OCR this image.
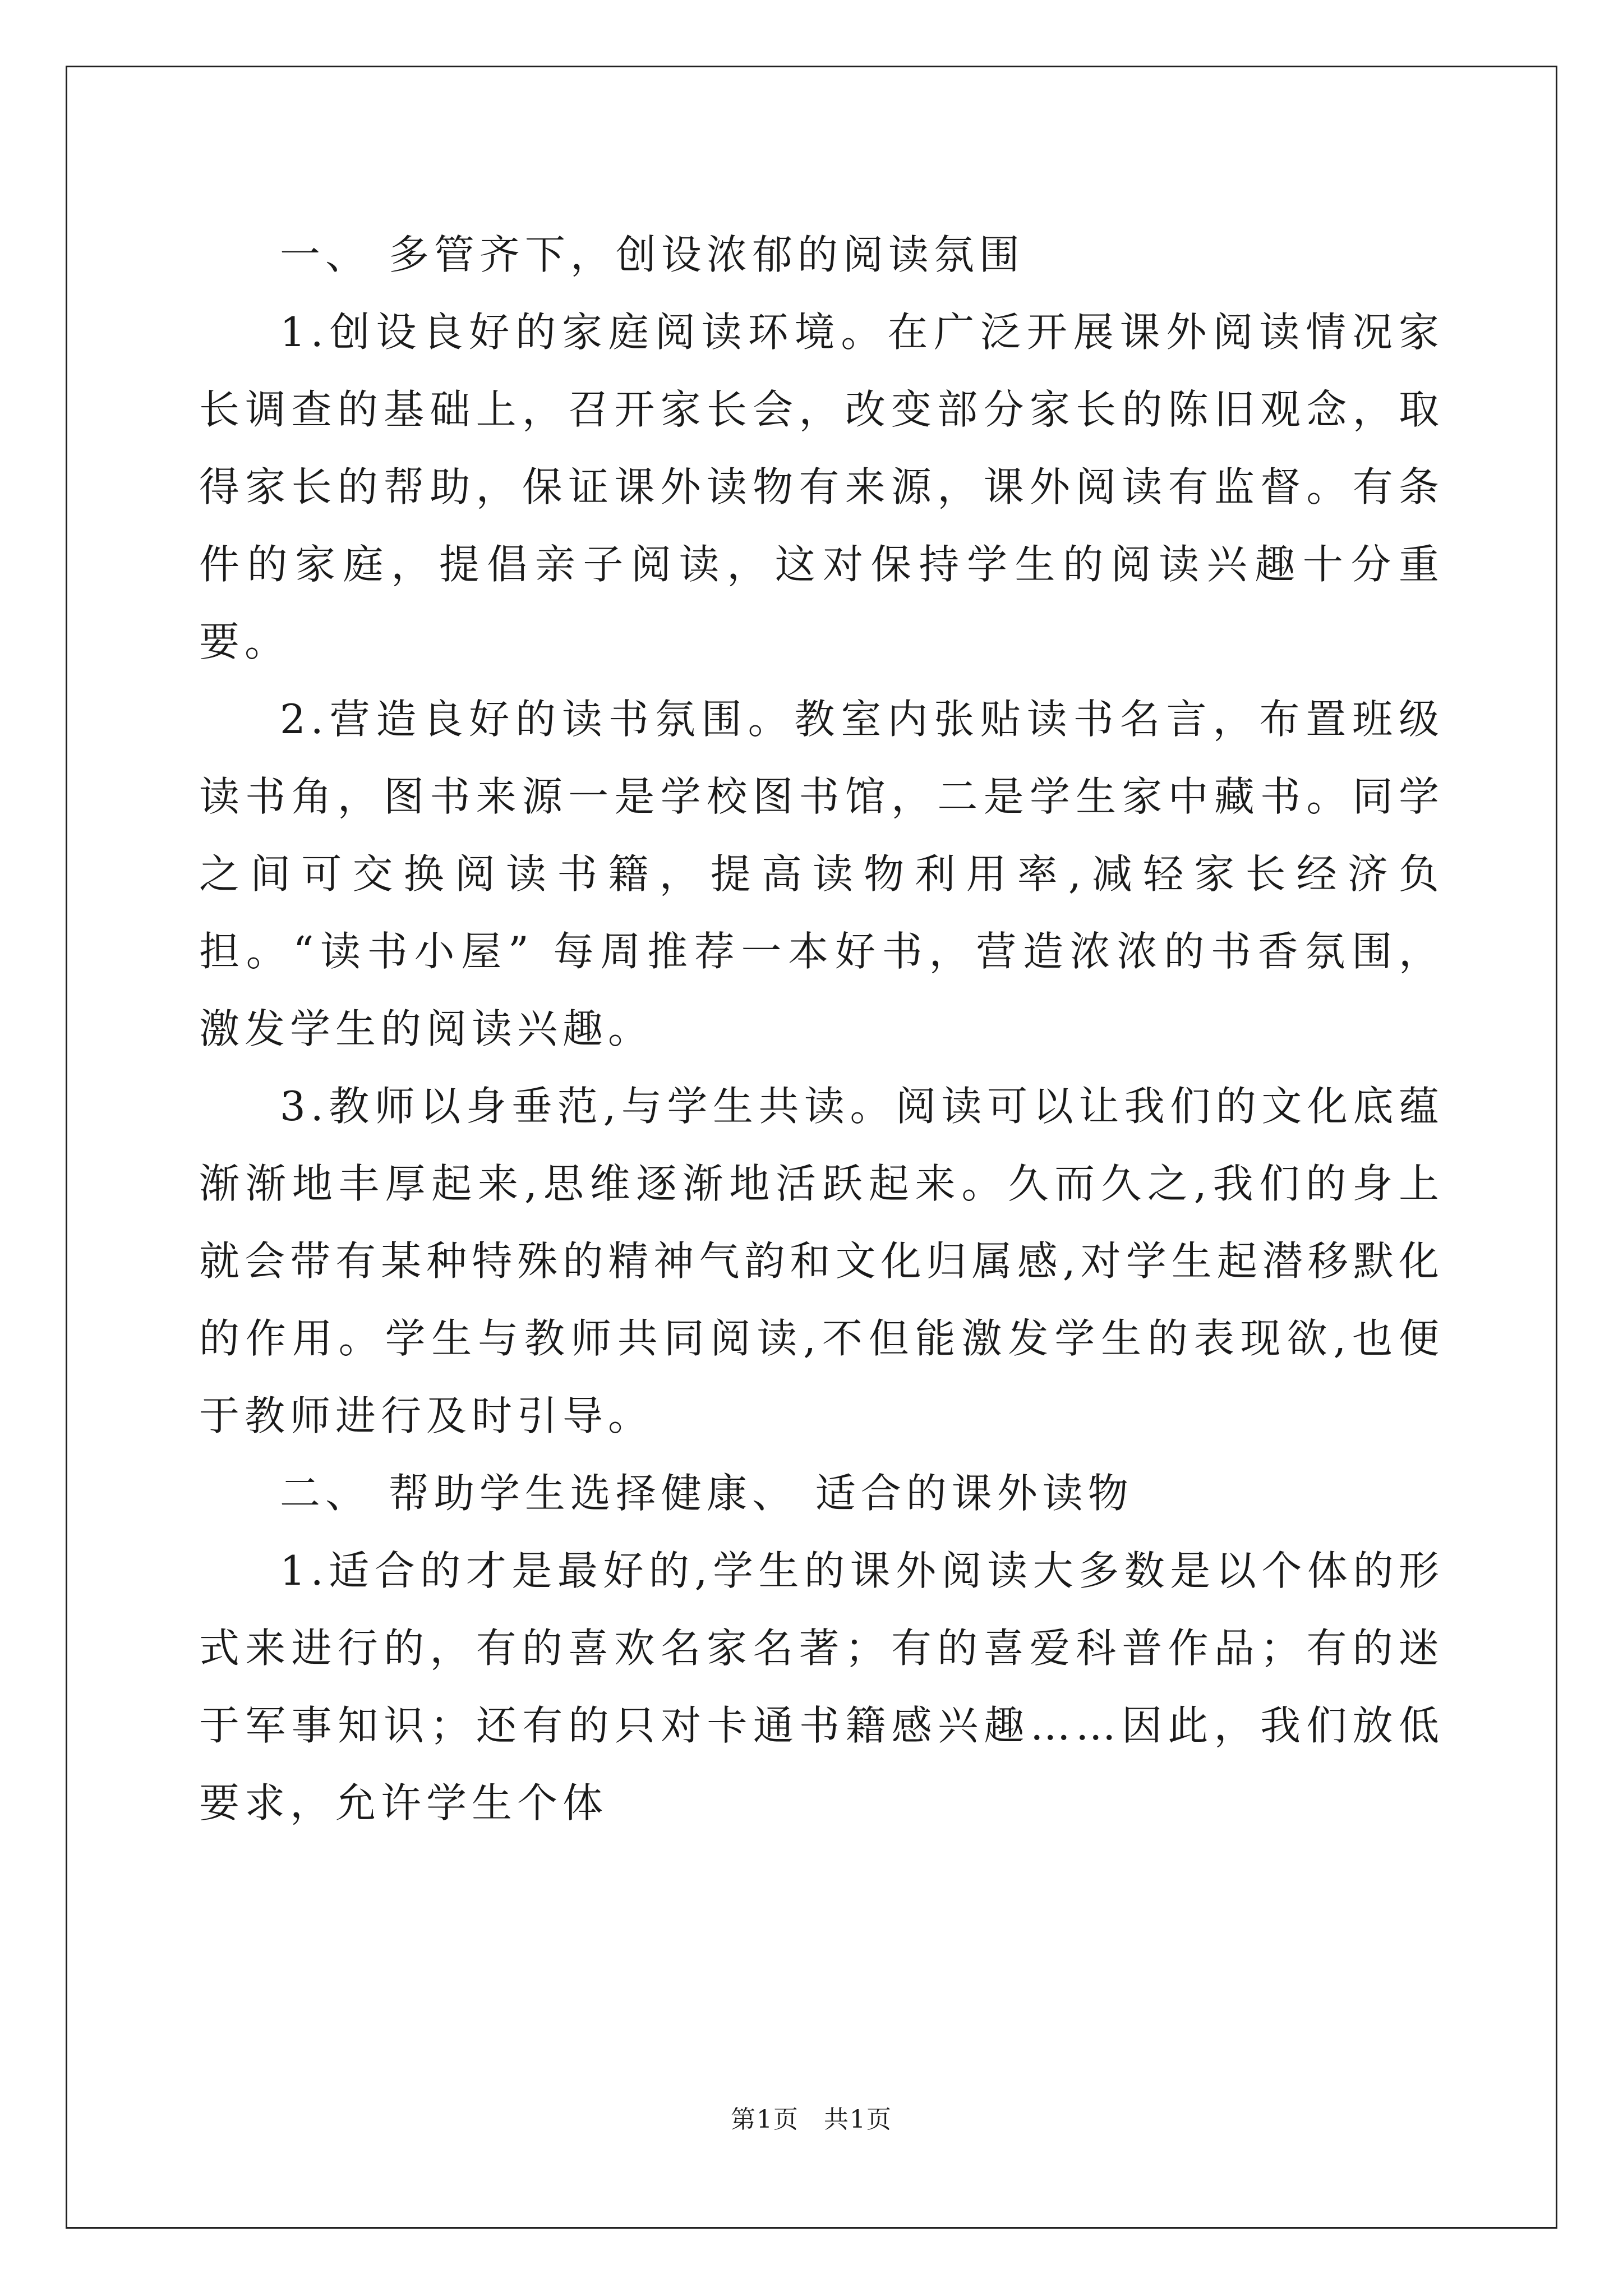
一、 多管齐下，创设浓郁的阅读氛围

1.创设良好的家庭阅读环境。在广泛开展课外阅读情况家长调查的基础上，召开家长会，改变部分家长的陈旧观念，取得家长的帮助，保证课外读物有来源，课外阅读有监督。有条件的家庭，提倡亲子阅读，这对保持学生的阅读兴趣十分重要。

2.营造良好的读书氛围。教室内张贴读书名言，布置班级读书角，图书来源一是学校图书馆，二是学生家中藏书。同学之间可交换阅读书籍，提高读物利用率,减轻家长经济负担。“读书小屋” 每周推荐一本好书，营造浓浓的书香氛围，激发学生的阅读兴趣。

3.教师以身垂范,与学生共读。阅读可以让我们的文化底蕴渐渐地丰厚起来,思维逐渐地活跃起来。久而久之,我们的身上就会带有某种特殊的精神气韵和文化归属感,对学生起潜移默化的作用。学生与教师共同阅读,不但能激发学生的表现欲,也便于教师进行及时引导。

二、 帮助学生选择健康、 适合的课外读物

1.适合的才是最好的,学生的课外阅读大多数是以个体的形式来进行的，有的喜欢名家名著；有的喜爱科普作品；有的迷于军事知识；还有的只对卡通书籍感兴趣……因此，我们放低要求，允许学生个体

第1页 共1页
